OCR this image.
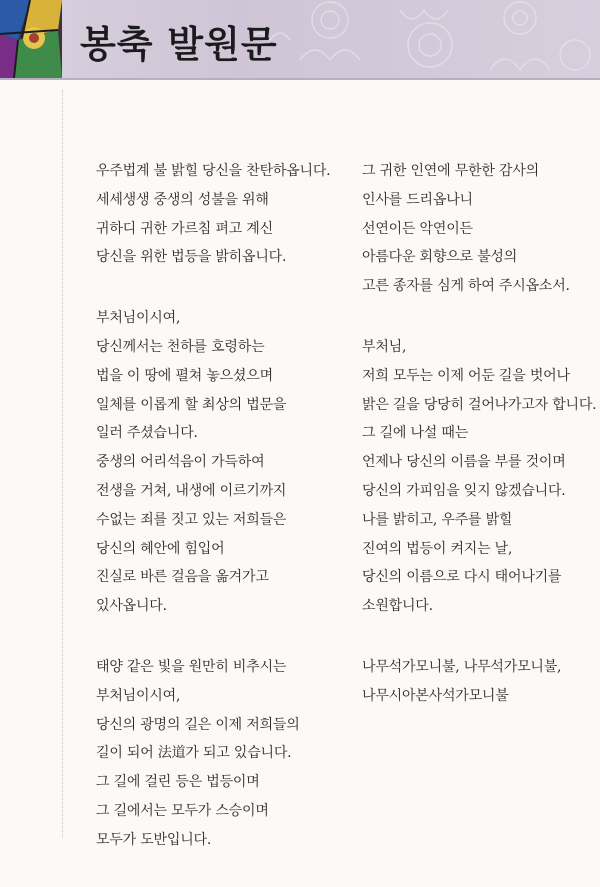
봉축 발원문
우주법계 불 밝힐 당신을 찬탄하옵니다.
세세생생 중생의 성불을 위해
귀하디 귀한 가르침 펴고 계신
당신을 위한 법등을 밝히옵니다.
부처님이시여,
당신께서는 천하를 호령하는
법을 이 땅에 펼쳐 놓으셨으며
일체를 이롭게 할 최상의 법문을
일러 주셨습니다.
중생의 어리석음이 가득하여
전생을 거쳐, 내생에 이르기까지
수없는 죄를 짓고 있는 저희들은
당신의 혜안에 힘입어
진실로 바른 걸음을 옮겨가고
있사옵니다.
태양 같은 빛을 원만히 비추시는
부처님이시여,
당신의 광명의 길은 이제 저희들의
길이 되어 法道가 되고 있습니다.
그 길에 걸린 등은 법등이며
그 길에서는 모두가 스승이며
모두가 도반입니다.
그 귀한 인연에 무한한 감사의
인사를 드리옵나니
선연이든 악연이든
아름다운 회향으로 불성의
고른 종자를 심게 하여 주시옵소서.
부처님,
저희 모두는 이제 어둔 길을 벗어나
밝은 길을 당당히 걸어나가고자 합니다.
그 길에 나설 때는
언제나 당신의 이름을 부를 것이며
당신의 가피임을 잊지 않겠습니다.
나를 밝히고, 우주를 밝힐
진여의 법등이 켜지는 날,
당신의 이름으로 다시 태어나기를
소원합니다.
나무석가모니불, 나무석가모니불,
나무시아본사석가모니불
